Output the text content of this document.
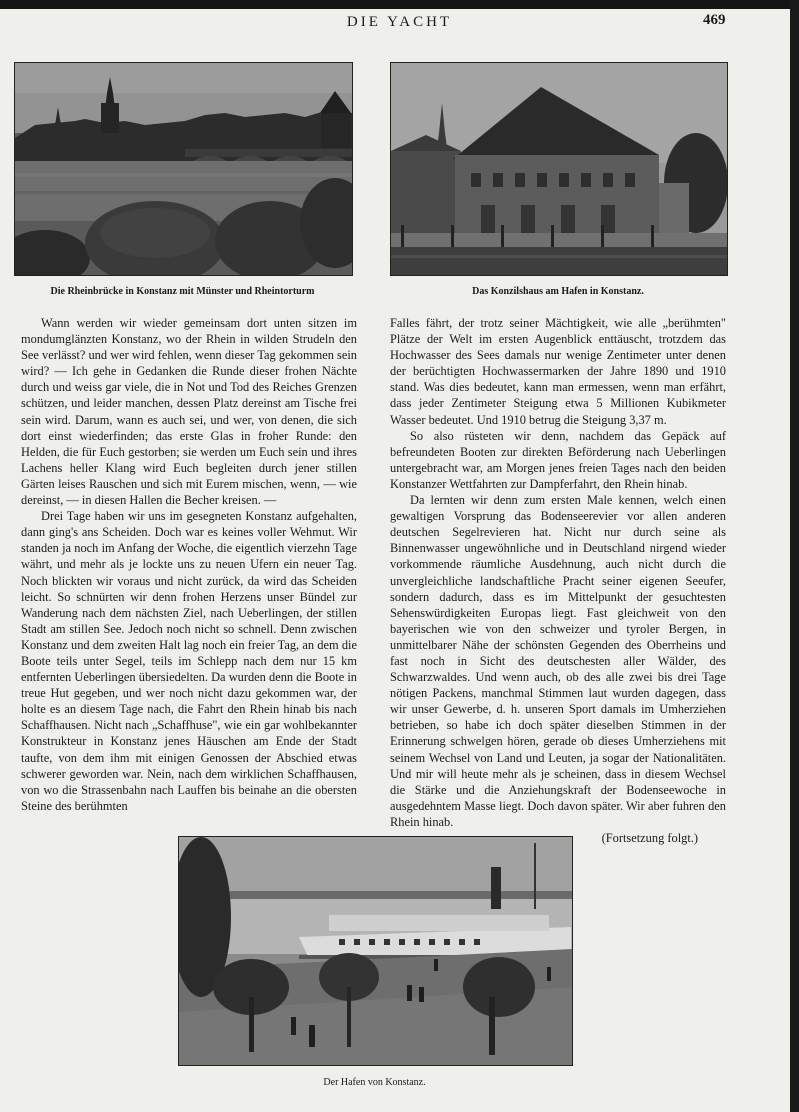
DIE YACHT	469
Die Rheinbrücke in Konstanz mit Münster und Rheintorturm	Das Konzilshaus am Hafen in Konstanz.

Wann werden wir wieder gemeinsam dort unten sitzen im mondumglänzten Konstanz, wo der Rhein in wilden Strudeln den See verlässt? und wer wird fehlen, wenn dieser Tag gekommen sein wird? — Ich gehe in Gedanken die Runde dieser frohen Nächte durch und weiss gar viele, die in Not und Tod des Reiches Grenzen schützen, und leider manchen, dessen Platz dereinst am Tische frei sein wird. Darum, wann es auch sei, und wer, von denen, die sich dort einst wiederfinden; das erste Glas in froher Runde: den Helden, die für Euch gestorben; sie werden um Euch sein und ihres Lachens heller Klang wird Euch begleiten durch jener stillen Gärten leises Rauschen und sich mit Eurem mischen, wenn, — wie dereinst, — in diesen Hallen die Becher kreisen. —

Drei Tage haben wir uns im gesegneten Konstanz aufgehalten, dann ging's ans Scheiden. Doch war es keines voller Wehmut. Wir standen ja noch im Anfang der Woche, die eigentlich vierzehn Tage währt, und mehr als je lockte uns zu neuen Ufern ein neuer Tag. Noch blickten wir voraus und nicht zurück, da wird das Scheiden leicht. So schnürten wir denn frohen Herzens unser Bündel zur Wanderung nach dem nächsten Ziel, nach Ueberlingen, der stillen Stadt am stillen See. Jedoch noch nicht so schnell. Denn zwischen Konstanz und dem zweiten Halt lag noch ein freier Tag, an dem die Boote teils unter Segel, teils im Schlepp nach dem nur 15 km entfernten Ueberlingen übersiedelten. Da wurden denn die Boote in treue Hut gegeben, und wer noch nicht dazu gekommen war, der holte es an diesem Tage nach, die Fahrt den Rhein hinab bis nach Schaffhausen. Nicht nach „Schaffhuse", wie ein gar wohlbekannter Konstrukteur in Konstanz jenes Häuschen am Ende der Stadt taufte, von dem ihm mit einigen Genossen der Abschied etwas schwerer geworden war. Nein, nach dem wirklichen Schaffhausen, von wo die Strassenbahn nach Lauffen bis beinahe an die obersten Steine des berühmten

Falles fährt, der trotz seiner Mächtigkeit, wie alle „berühmten" Plätze der Welt im ersten Augenblick enttäuscht, trotzdem das Hochwasser des Sees damals nur wenige Zentimeter unter denen der berüchtigten Hochwassermarken der Jahre 1890 und 1910 stand. Was dies bedeutet, kann man ermessen, wenn man erfährt, dass jeder Zentimeter Steigung etwa 5 Millionen Kubikmeter Wasser bedeutet. Und 1910 betrug die Steigung 3,37 m.

So also rüsteten wir denn, nachdem das Gepäck auf befreundeten Booten zur direkten Beförderung nach Ueberlingen untergebracht war, am Morgen jenes freien Tages nach den beiden Konstanzer Wettfahrten zur Dampferfahrt, den Rhein hinab.

Da lernten wir denn zum ersten Male kennen, welch einen gewaltigen Vorsprung das Bodenseerevier vor allen anderen deutschen Segelrevieren hat. Nicht nur durch seine als Binnenwasser ungewöhnliche und in Deutschland nirgend wieder vorkommende räumliche Ausdehnung, auch nicht durch die unvergleichliche landschaftliche Pracht seiner eigenen Seeufer, sondern dadurch, dass es im Mittelpunkt der gesuchtesten Sehenswürdigkeiten Europas liegt. Fast gleichweit von den bayerischen wie von den schweizer und tyroler Bergen, in unmittelbarer Nähe der schönsten Gegenden des Oberrheins und fast noch in Sicht des deutschesten aller Wälder, des Schwarzwaldes. Und wenn auch, ob des alle zwei bis drei Tage nötigen Packens, manchmal Stimmen laut wurden dagegen, dass wir unser Gewerbe, d. h. unseren Sport damals im Umherziehen betrieben, so habe ich doch später dieselben Stimmen in der Erinnerung schwelgen hören, gerade ob dieses Umherziehens mit seinem Wechsel von Land und Leuten, ja sogar der Nationalitäten. Und mir will heute mehr als je scheinen, dass in diesem Wechsel die Stärke und die Anziehungskraft der Bodenseewoche in ausgedehntem Masse liegt. Doch davon später. Wir aber fuhren den Rhein hinab.

(Fortsetzung folgt.)
Der Hafen von Konstanz.
